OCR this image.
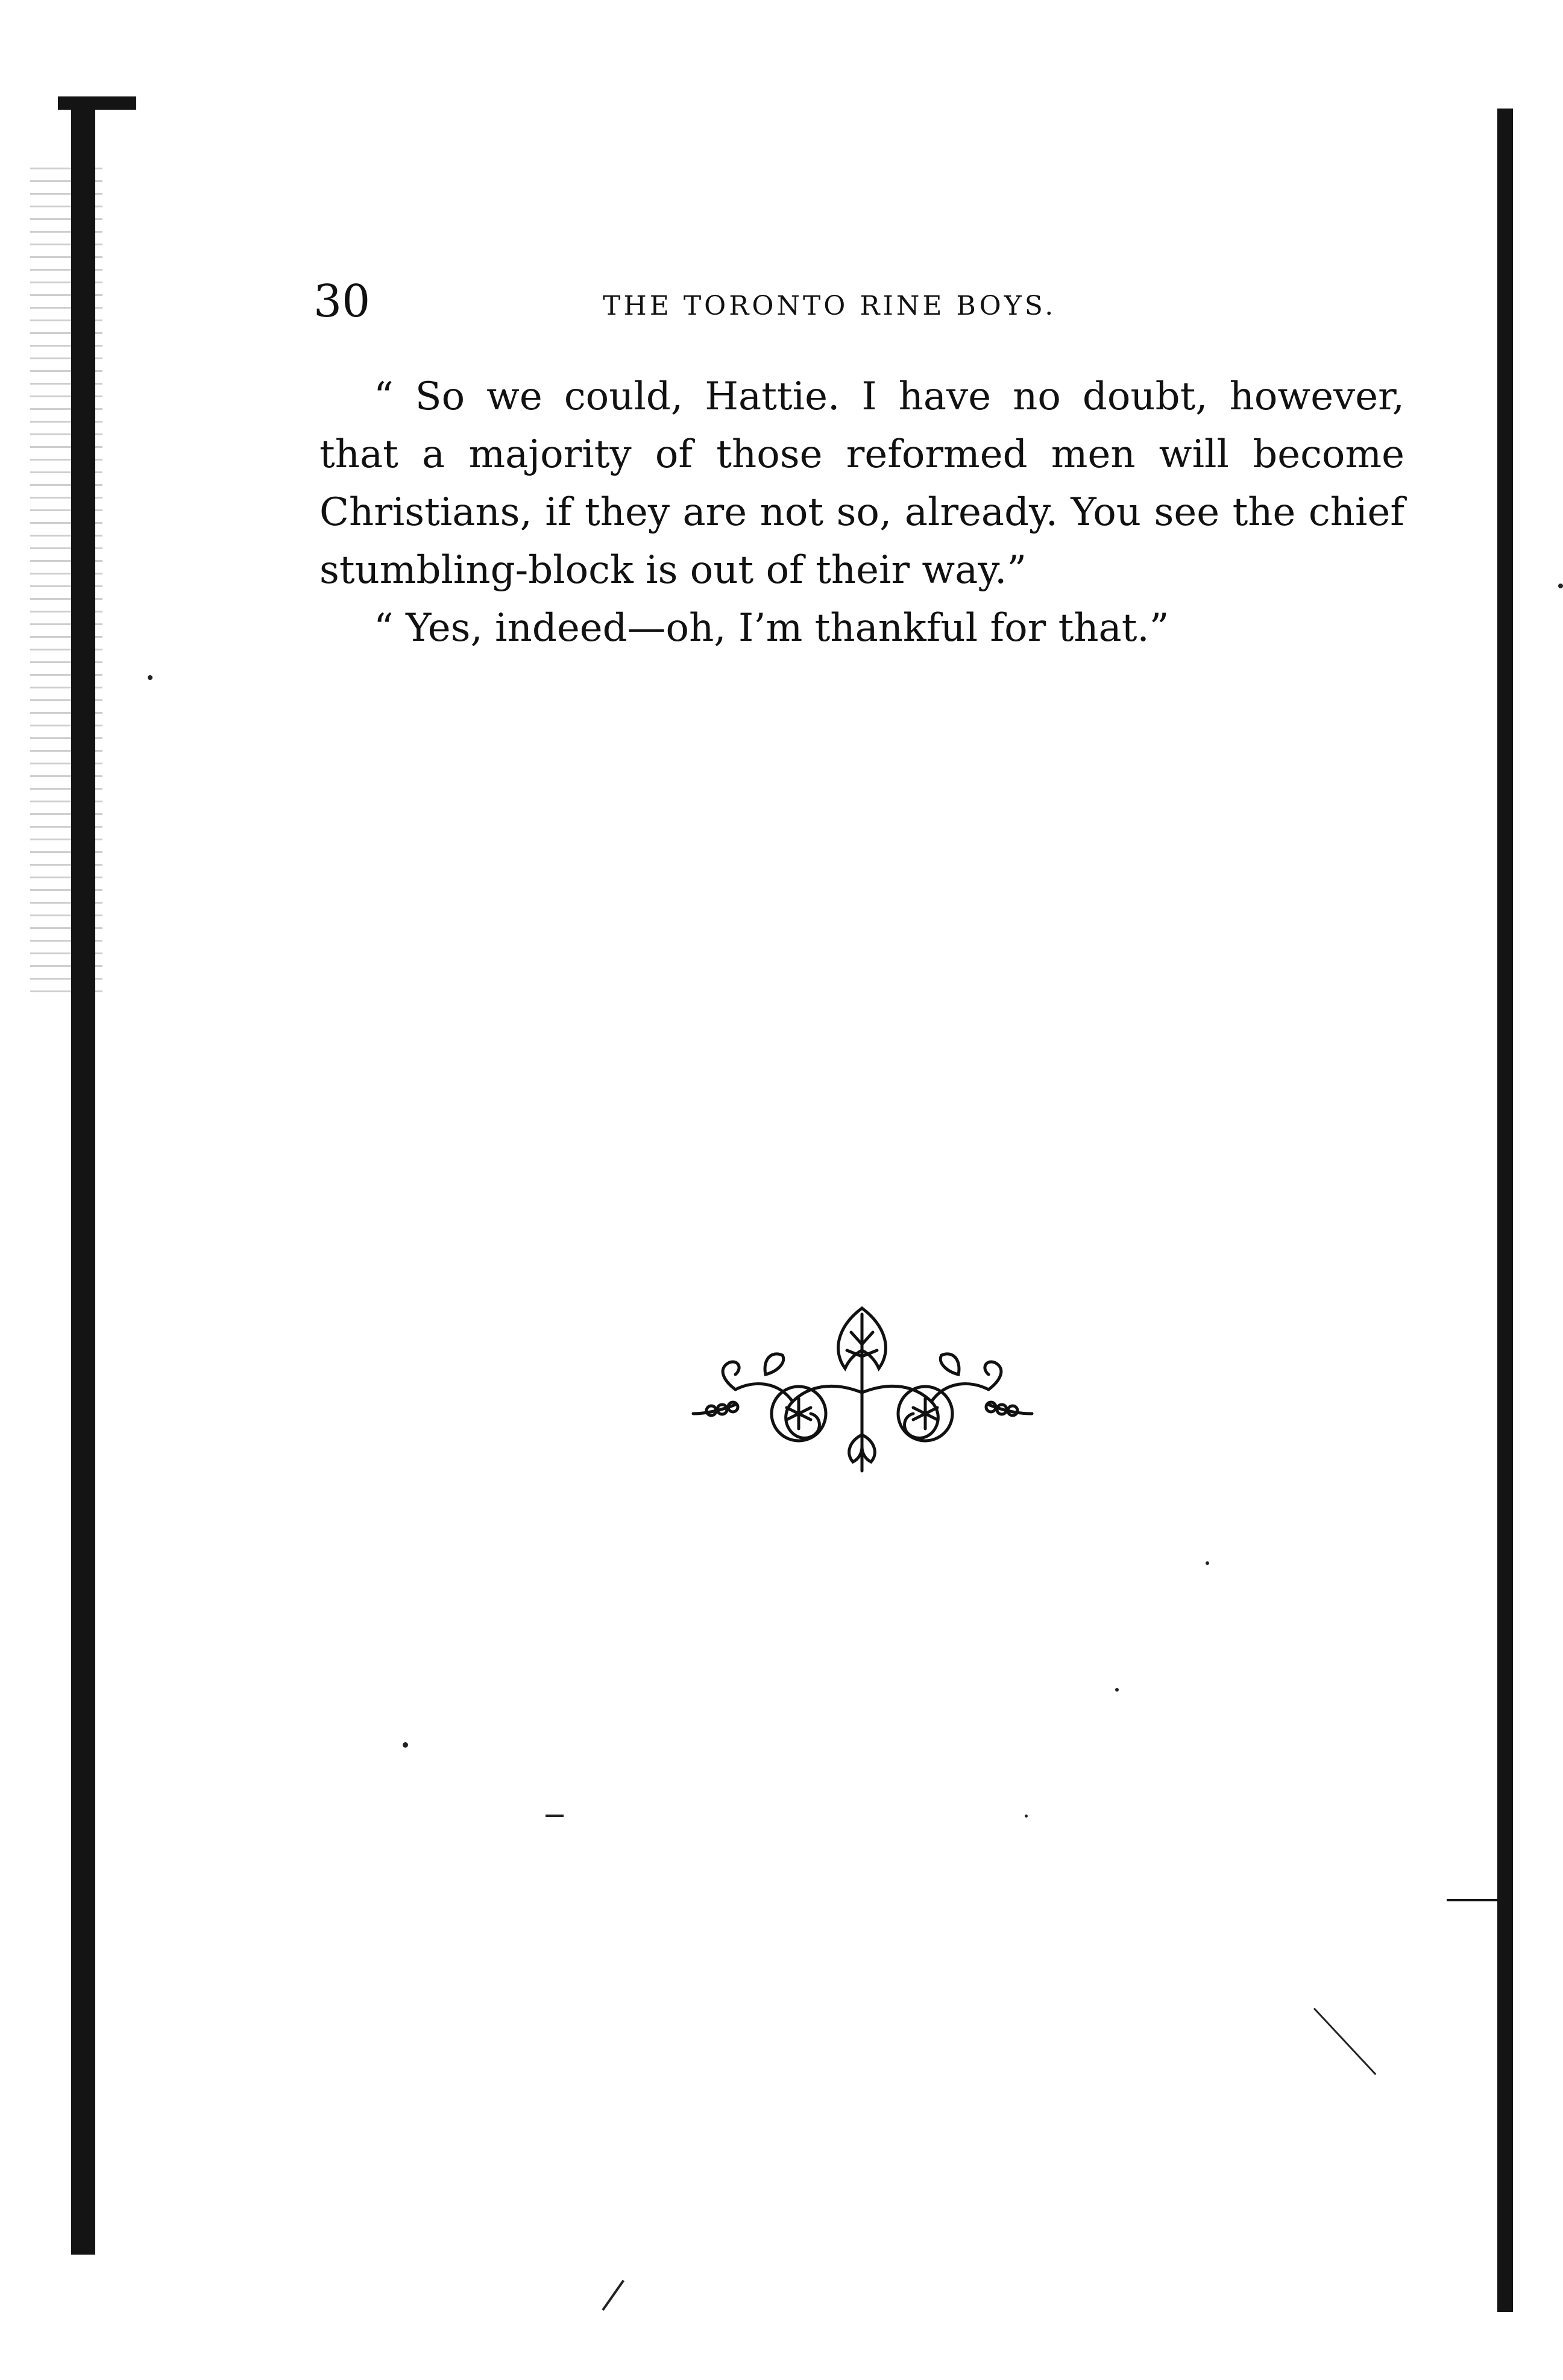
30	THE TORONTO RINE BOYS.

“ So we could, Hattie. I have no doubt, however, that a majority of those reformed men will become Christians, if they are not so, already. You see the chief stumbling-block is out of their way.”

“ Yes, indeed—oh, I’m thankful for that.”
